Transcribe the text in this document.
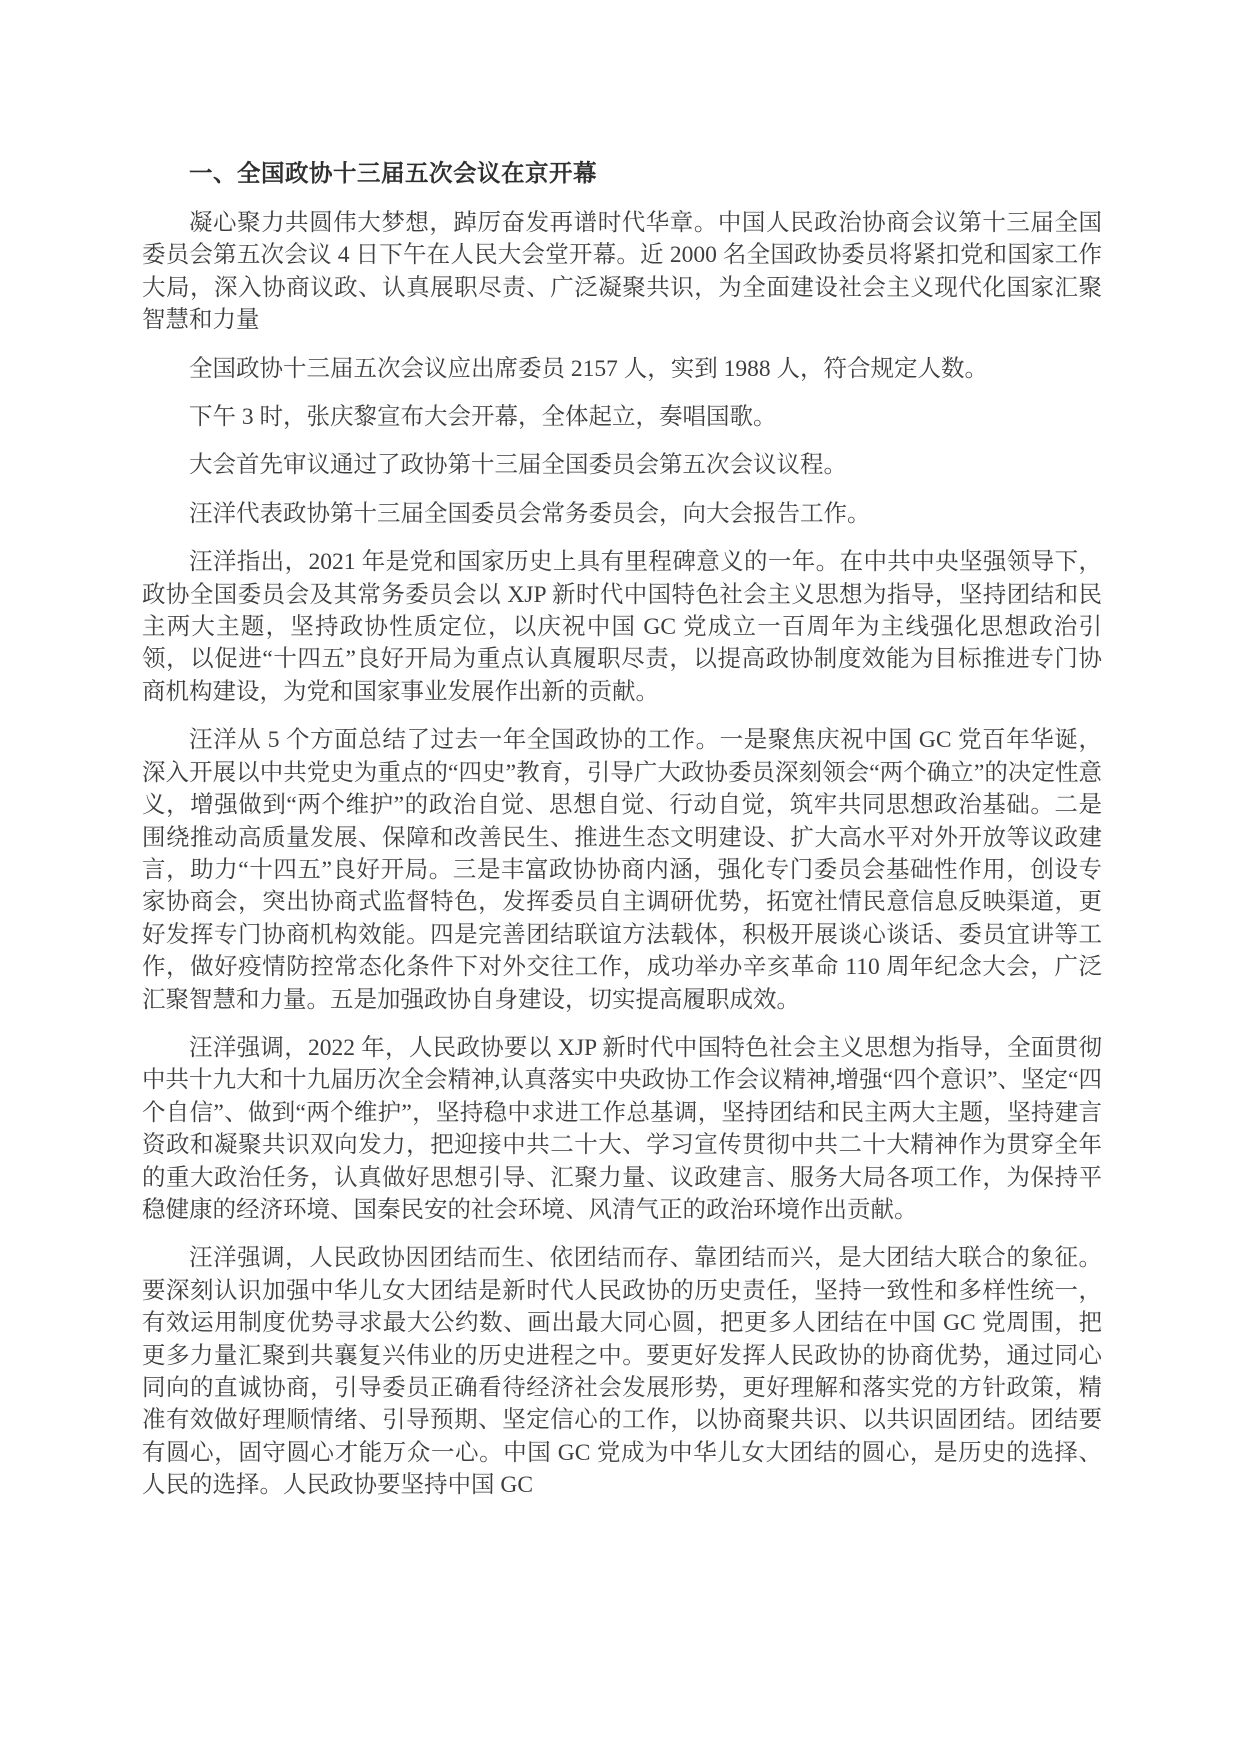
一、全国政协十三届五次会议在京开幕

凝心聚力共圆伟大梦想，踔厉奋发再谱时代华章。中国人民政治协商会议第十三届全国委员会第五次会议 4 日下午在人民大会堂开幕。近 2000 名全国政协委员将紧扣党和国家工作大局，深入协商议政、认真展职尽责、广泛凝聚共识，为全面建设社会主义现代化国家汇聚智慧和力量

全国政协十三届五次会议应出席委员 2157 人，实到 1988 人，符合规定人数。

下午 3 时，张庆黎宣布大会开幕，全体起立，奏唱国歌。

大会首先审议通过了政协第十三届全国委员会第五次会议议程。

汪洋代表政协第十三届全国委员会常务委员会，向大会报告工作。

汪洋指出，2021 年是党和国家历史上具有里程碑意义的一年。在中共中央坚强领导下，政协全国委员会及其常务委员会以 XJP 新时代中国特色社会主义思想为指导，坚持团结和民主两大主题，坚持政协性质定位，以庆祝中国 GC 党成立一百周年为主线强化思想政治引领，以促进“十四五”良好开局为重点认真履职尽责，以提高政协制度效能为目标推进专门协商机构建设，为党和国家事业发展作出新的贡献。

汪洋从 5 个方面总结了过去一年全国政协的工作。一是聚焦庆祝中国 GC 党百年华诞，深入开展以中共党史为重点的“四史”教育，引导广大政协委员深刻领会“两个确立”的决定性意义，增强做到“两个维护”的政治自觉、思想自觉、行动自觉，筑牢共同思想政治基础。二是围绕推动高质量发展、保障和改善民生、推进生态文明建设、扩大高水平对外开放等议政建言，助力“十四五”良好开局。三是丰富政协协商内涵，强化专门委员会基础性作用，创设专家协商会，突出协商式监督特色，发挥委员自主调研优势，拓宽社情民意信息反映渠道，更好发挥专门协商机构效能。四是完善团结联谊方法载体，积极开展谈心谈话、委员宜讲等工作，做好疫情防控常态化条件下对外交往工作，成功举办辛亥革命 110 周年纪念大会，广泛汇聚智慧和力量。五是加强政协自身建设，切实提高履职成效。

汪洋强调，2022 年，人民政协要以 XJP 新时代中国特色社会主义思想为指导，全面贯彻中共十九大和十九届历次全会精神,认真落实中央政协工作会议精神,增强“四个意识”、坚定“四个自信”、做到“两个维护”，坚持稳中求进工作总基调，坚持团结和民主两大主题，坚持建言资政和凝聚共识双向发力，把迎接中共二十大、学习宣传贯彻中共二十大精神作为贯穿全年的重大政治任务，认真做好思想引导、汇聚力量、议政建言、服务大局各项工作，为保持平稳健康的经济环境、国秦民安的社会环境、风清气正的政治环境作出贡献。

汪洋强调，人民政协因团结而生、依团结而存、靠团结而兴，是大团结大联合的象征。要深刻认识加强中华儿女大团结是新时代人民政协的历史责任，坚持一致性和多样性统一，有效运用制度优势寻求最大公约数、画出最大同心圆，把更多人团结在中国 GC 党周围，把更多力量汇聚到共襄复兴伟业的历史进程之中。要更好发挥人民政协的协商优势，通过同心同向的直诚协商，引导委员正确看待经济社会发展形势，更好理解和落实党的方针政策，精准有效做好理顺情绪、引导预期、坚定信心的工作，以协商聚共识、以共识固团结。团结要有圆心，固守圆心才能万众一心。中国 GC 党成为中华儿女大团结的圆心，是历史的选择、人民的选择。人民政协要坚持中国 GC
